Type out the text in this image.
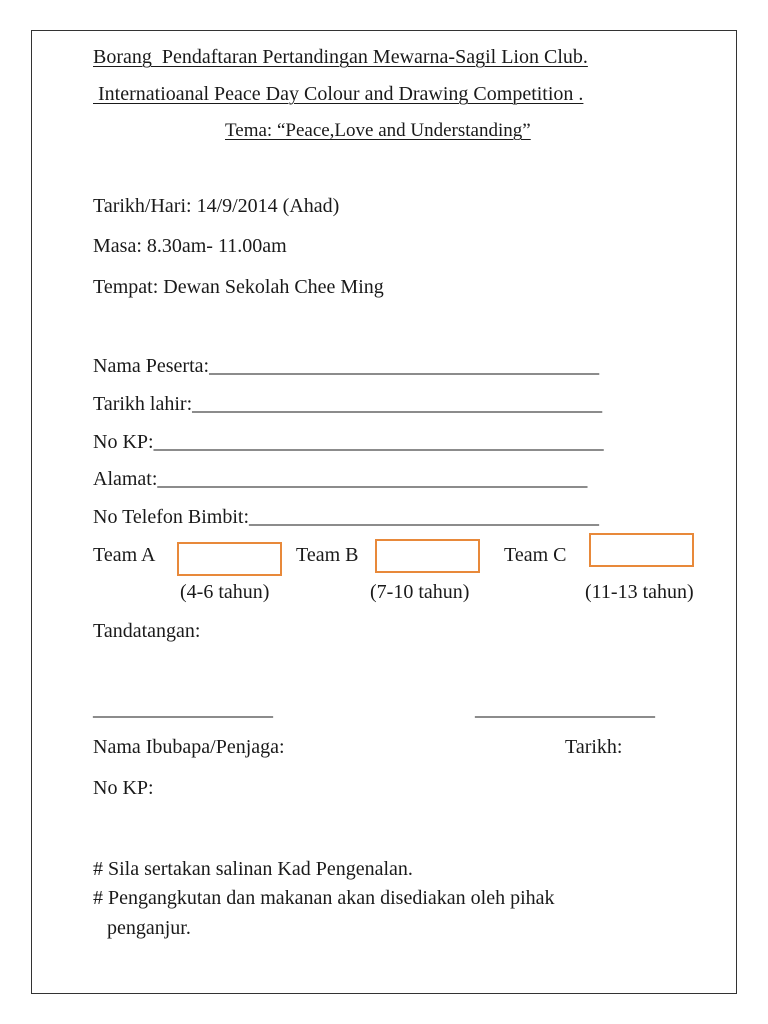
Borang  Pendaftaran Pertandingan Mewarna-Sagil Lion Club.
Internatioanal Peace Day Colour and Drawing Competition .
Tema: “Peace,Love and Understanding”
Tarikh/Hari: 14/9/2014 (Ahad)
Masa: 8.30am- 11.00am
Tempat: Dewan Sekolah Chee Ming
Nama Peserta:_______________________________________
Tarikh lahir:_________________________________________
No KP:_____________________________________________
Alamat:___________________________________________
No Telefon Bimbit:___________________________________
Team A	Team B	Team C
(4-6 tahun)	(7-10 tahun)	(11-13 tahun)
Tandatangan:
__________________	__________________
Nama Ibubapa/Penjaga:	Tarikh:
No KP:
# Sila sertakan salinan Kad Pengenalan.
# Pengangkutan dan makanan akan disediakan oleh pihak
penganjur.
